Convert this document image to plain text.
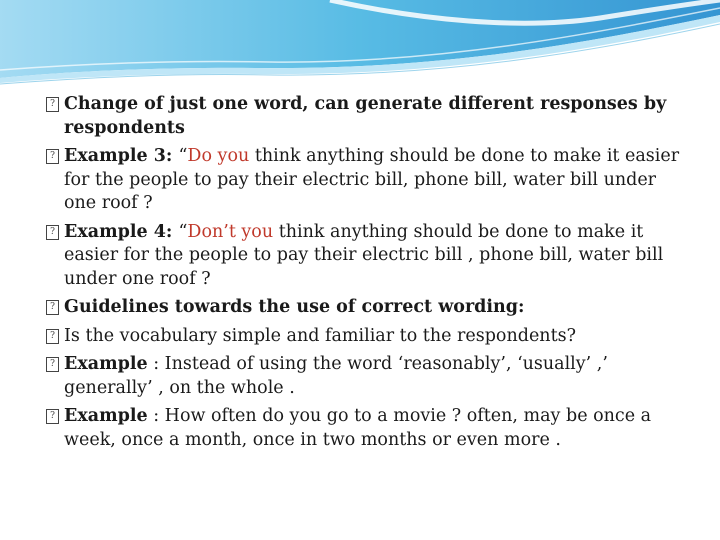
? Change of just one word, can generate different responses by respondents
? Example 3: “Do you think anything should be done to make it easier for the people to pay their electric bill, phone bill, water bill under one roof ?
? Example 4: “Don’t you think anything should be done to make it easier for the people to pay their electric bill , phone bill, water bill under one roof ?
? Guidelines towards the use of correct wording:
? Is the vocabulary simple and familiar to the respondents?
? Example : Instead of using the word ‘reasonably’, ‘usually’ ,’ generally’ , on the whole .
? Example : How often do you go to a movie ? often, may be once a week, once a month, once in two months or even more .
